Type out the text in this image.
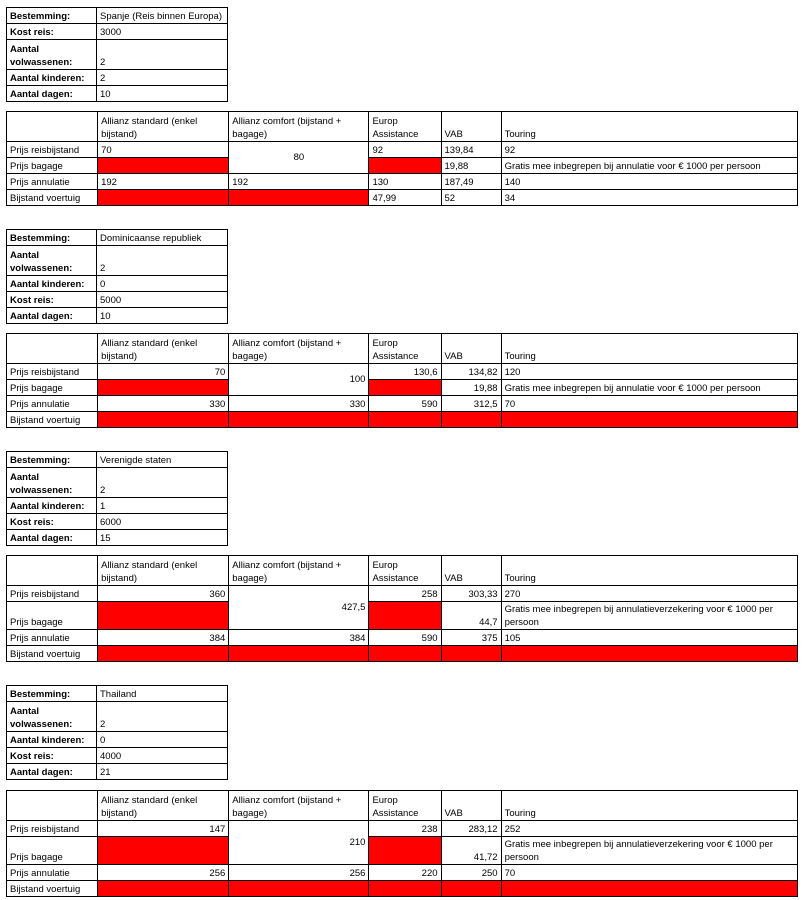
Bestemming:	Spanje (Reis binnen Europa)
Kost reis:	3000
Aantal volwassenen:	2
Aantal kinderen:	2
Aantal dagen:	10
	Allianz standard (enkel bijstand)	Allianz comfort (bijstand + bagage)	Europ Assistance	VAB	Touring
Prijs reisbijstand	70	80	92	139,84	92
Prijs bagage				19,88	Gratis mee inbegrepen bij annulatie voor € 1000 per persoon
Prijs annulatie	192	192	130	187,49	140
Bijstand voertuig			47,99	52	34
Bestemming:	Dominicaanse republiek
Aantal volwassenen:	2
Aantal kinderen:	0
Kost reis:	5000
Aantal dagen:	10
	Allianz standard (enkel bijstand)	Allianz comfort (bijstand + bagage)	Europ Assistance	VAB	Touring
Prijs reisbijstand	70	100	130,6	134,82	120
Prijs bagage				19,88	Gratis mee inbegrepen bij annulatie voor € 1000 per persoon
Prijs annulatie	330	330	590	312,5	70
Bijstand voertuig					
Bestemming:	Verenigde staten
Aantal volwassenen:	2
Aantal kinderen:	1
Kost reis:	6000
Aantal dagen:	15
	Allianz standard (enkel bijstand)	Allianz comfort (bijstand + bagage)	Europ Assistance	VAB	Touring
Prijs reisbijstand	360	427,5	258	303,33	270
Prijs bagage				44,7	Gratis mee inbegrepen bij annulatieverzekering voor € 1000 per persoon
Prijs annulatie	384	384	590	375	105
Bijstand voertuig					
Bestemming:	Thailand
Aantal volwassenen:	2
Aantal kinderen:	0
Kost reis:	4000
Aantal dagen:	21
	Allianz standard (enkel bijstand)	Allianz comfort (bijstand + bagage)	Europ Assistance	VAB	Touring
Prijs reisbijstand	147	210	238	283,12	252
Prijs bagage				41,72	Gratis mee inbegrepen bij annulatieverzekering voor € 1000 per persoon
Prijs annulatie	256	256	220	250	70
Bijstand voertuig					
